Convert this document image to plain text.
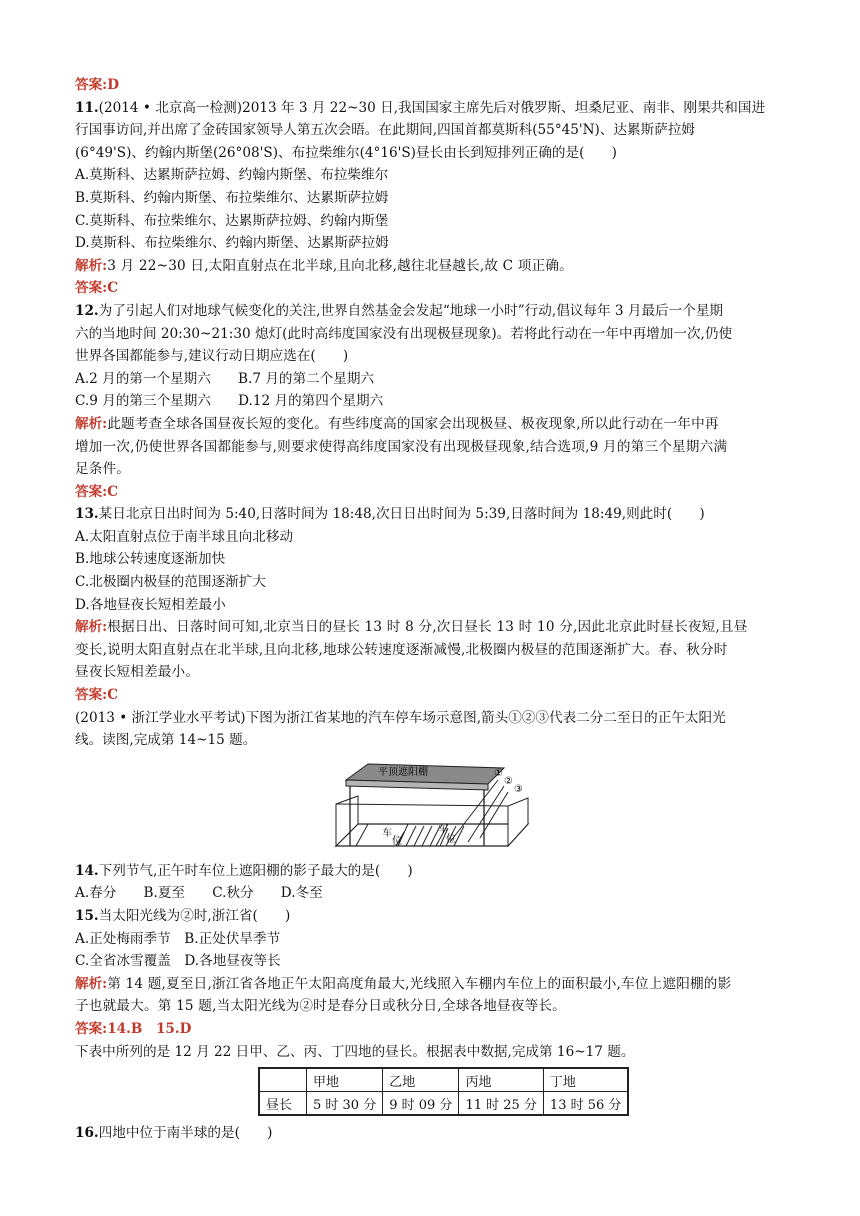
答案:D
11.(2014 • 北京高一检测)2013 年 3 月 22~30 日,我国国家主席先后对俄罗斯、坦桑尼亚、南非、刚果共和国进
行国事访问,并出席了金砖国家领导人第五次会晤。在此期间,四国首都莫斯科(55°45'N)、达累斯萨拉姆
(6°49'S)、约翰内斯堡(26°08'S)、布拉柴维尔(4°16'S)昼长由长到短排列正确的是(　　)
A.莫斯科、达累斯萨拉姆、约翰内斯堡、布拉柴维尔
B.莫斯科、约翰内斯堡、布拉柴维尔、达累斯萨拉姆
C.莫斯科、布拉柴维尔、达累斯萨拉姆、约翰内斯堡
D.莫斯科、布拉柴维尔、约翰内斯堡、达累斯萨拉姆
解析:3 月 22~30 日,太阳直射点在北半球,且向北移,越往北昼越长,故 C 项正确。
答案:C
12.为了引起人们对地球气候变化的关注,世界自然基金会发起“地球一小时”行动,倡议每年 3 月最后一个星期
六的当地时间 20:30~21:30 熄灯(此时高纬度国家没有出现极昼现象)。若将此行动在一年中再增加一次,仍使
世界各国都能参与,建议行动日期应选在(　　)
A.2 月的第一个星期六　　B.7 月的第二个星期六
C.9 月的第三个星期六　　D.12 月的第四个星期六
解析:此题考查全球各国昼夜长短的变化。有些纬度高的国家会出现极昼、极夜现象,所以此行动在一年中再
增加一次,仍使世界各国都能参与,则要求使得高纬度国家没有出现极昼现象,结合选项,9 月的第三个星期六满
足条件。
答案:C
13.某日北京日出时间为 5:40,日落时间为 18:48,次日日出时间为 5:39,日落时间为 18:49,则此时(　　)
A.太阳直射点位于南半球且向北移动
B.地球公转速度逐渐加快
C.北极圈内极昼的范围逐渐扩大
D.各地昼夜长短相差最小
解析:根据日出、日落时间可知,北京当日的昼长 13 时 8 分,次日昼长 13 时 10 分,因此北京此时昼长夜短,且昼
变长,说明太阳直射点在北半球,且向北移,地球公转速度逐渐减慢,北极圈内极昼的范围逐渐扩大。春、秋分时
昼夜长短相差最小。
答案:C
(2013 • 浙江学业水平考试)下图为浙江省某地的汽车停车场示意图,箭头①②③代表二分二至日的正午太阳光
线。读图,完成第 14~15 题。
平顶遮阳棚	①
②
③
车
位
车
位
14.下列节气,正午时车位上遮阳棚的影子最大的是(　　)
A.春分　　B.夏至　　C.秋分　　D.冬至
15.当太阳光线为②时,浙江省(　　)
A.正处梅雨季节　B.正处伏旱季节
C.全省冰雪覆盖　D.各地昼夜等长
解析:第 14 题,夏至日,浙江省各地正午太阳高度角最大,光线照入车棚内车位上的面积最小,车位上遮阳棚的影
子也就最大。第 15 题,当太阳光线为②时是春分日或秋分日,全球各地昼夜等长。
答案:14.B　15.D
下表中所列的是 12 月 22 日甲、乙、丙、丁四地的昼长。根据表中数据,完成第 16~17 题。
	甲地	乙地	丙地	丁地
昼长	5 时 30 分	9 时 09 分	11 时 25 分	13 时 56 分
16.四地中位于南半球的是(　　)
